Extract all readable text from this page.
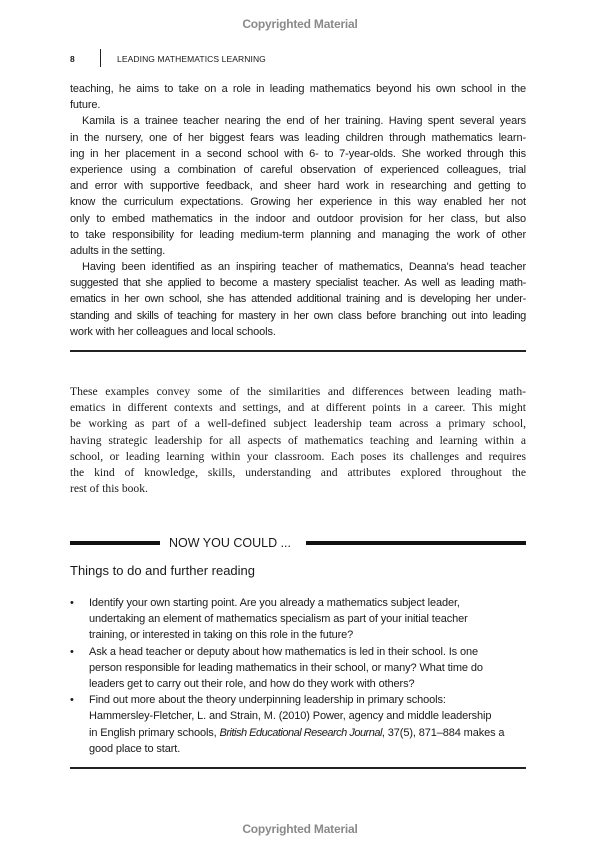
Copyrighted Material
8	LEADING MATHEMATICS LEARNING
teaching, he aims to take on a role in leading mathematics beyond his own school in the
future.
Kamila is a trainee teacher nearing the end of her training. Having spent several years
in the nursery, one of her biggest fears was leading children through mathematics learn-
ing in her placement in a second school with 6- to 7-year-olds. She worked through this
experience using a combination of careful observation of experienced colleagues, trial
and error with supportive feedback, and sheer hard work in researching and getting to
know the curriculum expectations. Growing her experience in this way enabled her not
only to embed mathematics in the indoor and outdoor provision for her class, but also
to take responsibility for leading medium-term planning and managing the work of other
adults in the setting.
Having been identified as an inspiring teacher of mathematics, Deanna's head teacher
suggested that she applied to become a mastery specialist teacher. As well as leading math-
ematics in her own school, she has attended additional training and is developing her under-
standing and skills of teaching for mastery in her own class before branching out into leading
work with her colleagues and local schools.
These examples convey some of the similarities and differences between leading math-
ematics in different contexts and settings, and at different points in a career. This might
be working as part of a well-defined subject leadership team across a primary school,
having strategic leadership for all aspects of mathematics teaching and learning within a
school, or leading learning within your classroom. Each poses its challenges and requires
the kind of knowledge, skills, understanding and attributes explored throughout the
rest of this book.
NOW YOU COULD ...
Things to do and further reading
• Identify your own starting point. Are you already a mathematics subject leader,
undertaking an element of mathematics specialism as part of your initial teacher
training, or interested in taking on this role in the future?
• Ask a head teacher or deputy about how mathematics is led in their school. Is one
person responsible for leading mathematics in their school, or many? What time do
leaders get to carry out their role, and how do they work with others?
• Find out more about the theory underpinning leadership in primary schools:
Hammersley-Fletcher, L. and Strain, M. (2010) Power, agency and middle leadership
in English primary schools, British Educational Research Journal, 37(5), 871–884 makes a
good place to start.
Copyrighted Material
